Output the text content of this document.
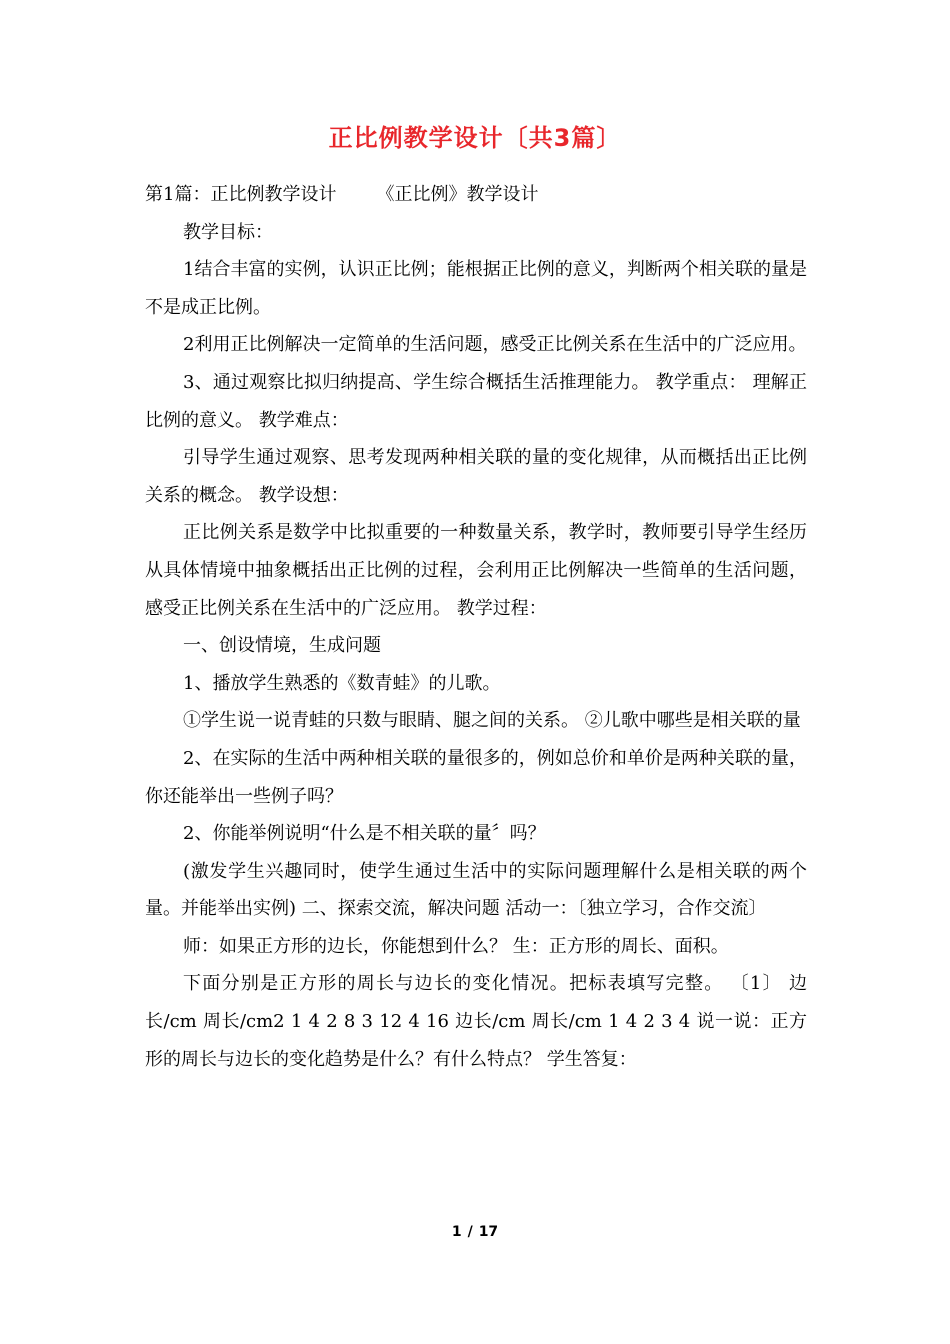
正比例教学设计〔共3篇〕

第1篇：正比例教学设计 《正比例》教学设计

教学目标：

1结合丰富的实例，认识正比例；能根据正比例的意义，判断两个相关联的量是不是成正比例。

2利用正比例解决一定简单的生活问题，感受正比例关系在生活中的广泛应用。

3、通过观察比拟归纳提高、学生综合概括生活推理能力。 教学重点： 理解正比例的意义。 教学难点：

引导学生通过观察、思考发现两种相关联的量的变化规律，从而概括出正比例关系的概念。 教学设想：

正比例关系是数学中比拟重要的一种数量关系，教学时，教师要引导学生经历从具体情境中抽象概括出正比例的过程，会利用正比例解决一些简单的生活问题，感受正比例关系在生活中的广泛应用。 教学过程：

一、创设情境，生成问题

1、播放学生熟悉的《数青蛙》的儿歌。

①学生说一说青蛙的只数与眼睛、腿之间的关系。 ②儿歌中哪些是相关联的量

2、在实际的生活中两种相关联的量很多的，例如总价和单价是两种关联的量，你还能举出一些例子吗？

2、你能举例说明“什么是不相关联的量〞吗？

(激发学生兴趣同时，使学生通过生活中的实际问题理解什么是相关联的两个量。并能举出实例) 二、探索交流，解决问题 活动一：〔独立学习，合作交流〕

师：如果正方形的边长，你能想到什么？ 生：正方形的周长、面积。

下面分别是正方形的周长与边长的变化情况。把标表填写完整。 〔1〕 边长/cm 周长/cm2 1 4 2 8 3 12 4 16 边长/cm 周长/cm 1 4 2 3 4 说一说：正方形的周长与边长的变化趋势是什么？有什么特点？ 学生答复：

1 / 17
